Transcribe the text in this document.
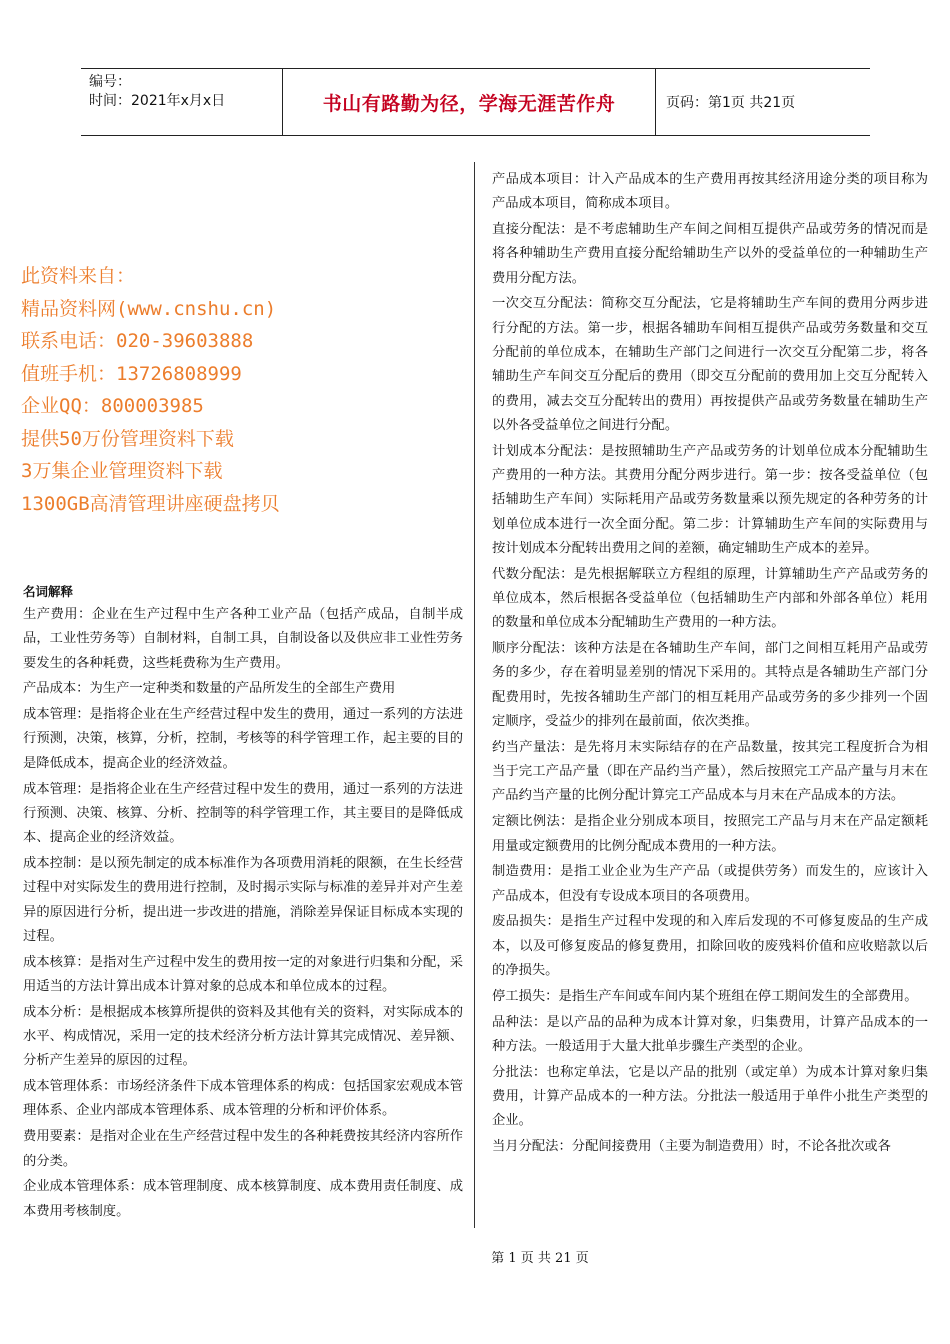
编号：
时间：2021年x月x日	书山有路勤为径，学海无涯苦作舟	页码：第1页 共21页
此资料来自：
精品资料网(www.cnshu.cn)
联系电话：020-39603888
值班手机：13726808999
企业QQ：800003985
提供50万份管理资料下载
3万集企业管理资料下载
1300GB高清管理讲座硬盘拷贝
名词解释
生产费用：企业在生产过程中生产各种工业产品（包括产成品，自制半成品，工业性劳务等）自制材料，自制工具，自制设备以及供应非工业性劳务要发生的各种耗费，这些耗费称为生产费用。
产品成本：为生产一定种类和数量的产品所发生的全部生产费用
成本管理：是指将企业在生产经营过程中发生的费用，通过一系列的方法进行预测，决策，核算，分析，控制，考核等的科学管理工作，起主要的目的是降低成本，提高企业的经济效益。
成本管理：是指将企业在生产经营过程中发生的费用，通过一系列的方法进行预测、决策、核算、分析、控制等的科学管理工作，其主要目的是降低成本、提高企业的经济效益。
成本控制：是以预先制定的成本标准作为各项费用消耗的限额，在生长经营过程中对实际发生的费用进行控制，及时揭示实际与标准的差异并对产生差异的原因进行分析，提出进一步改进的措施，消除差异保证目标成本实现的过程。
成本核算：是指对生产过程中发生的费用按一定的对象进行归集和分配，采用适当的方法计算出成本计算对象的总成本和单位成本的过程。
成本分析：是根据成本核算所提供的资料及其他有关的资料，对实际成本的水平、构成情况，采用一定的技术经济分析方法计算其完成情况、差异额、分析产生差异的原因的过程。
成本管理体系：市场经济条件下成本管理体系的构成：包括国家宏观成本管理体系、企业内部成本管理体系、成本管理的分析和评价体系。
费用要素：是指对企业在生产经营过程中发生的各种耗费按其经济内容所作的分类。
企业成本管理体系：成本管理制度、成本核算制度、成本费用责任制度、成本费用考核制度。
产品成本项目：计入产品成本的生产费用再按其经济用途分类的项目称为产品成本项目，简称成本项目。
直接分配法：是不考虑辅助生产车间之间相互提供产品或劳务的情况而是将各种辅助生产费用直接分配给辅助生产以外的受益单位的一种辅助生产费用分配方法。
一次交互分配法：简称交互分配法，它是将辅助生产车间的费用分两步进行分配的方法。第一步，根据各辅助车间相互提供产品或劳务数量和交互分配前的单位成本，在辅助生产部门之间进行一次交互分配第二步，将各辅助生产车间交互分配后的费用（即交互分配前的费用加上交互分配转入的费用，减去交互分配转出的费用）再按提供产品或劳务数量在辅助生产以外各受益单位之间进行分配。
计划成本分配法：是按照辅助生产产品或劳务的计划单位成本分配辅助生产费用的一种方法。其费用分配分两步进行。第一步：按各受益单位（包括辅助生产车间）实际耗用产品或劳务数量乘以预先规定的各种劳务的计划单位成本进行一次全面分配。第二步：计算辅助生产车间的实际费用与按计划成本分配转出费用之间的差额，确定辅助生产成本的差异。
代数分配法：是先根据解联立方程组的原理，计算辅助生产产品或劳务的单位成本，然后根据各受益单位（包括辅助生产内部和外部各单位）耗用的数量和单位成本分配辅助生产费用的一种方法。
顺序分配法：该种方法是在各辅助生产车间，部门之间相互耗用产品或劳务的多少，存在着明显差别的情况下采用的。其特点是各辅助生产部门分配费用时，先按各辅助生产部门的相互耗用产品或劳务的多少排列一个固定顺序，受益少的排列在最前面，依次类推。
约当产量法：是先将月末实际结存的在产品数量，按其完工程度折合为相当于完工产品产量（即在产品约当产量），然后按照完工产品产量与月末在产品约当产量的比例分配计算完工产品成本与月末在产品成本的方法。
定额比例法：是指企业分别成本项目，按照完工产品与月末在产品定额耗用量或定额费用的比例分配成本费用的一种方法。
制造费用：是指工业企业为生产产品（或提供劳务）而发生的，应该计入产品成本，但没有专设成本项目的各项费用。
废品损失：是指生产过程中发现的和入库后发现的不可修复废品的生产成本，以及可修复废品的修复费用，扣除回收的废残料价值和应收赔款以后的净损失。
停工损失：是指生产车间或车间内某个班组在停工期间发生的全部费用。
品种法：是以产品的品种为成本计算对象，归集费用，计算产品成本的一种方法。一般适用于大量大批单步骤生产类型的企业。
分批法：也称定单法，它是以产品的批别（或定单）为成本计算对象归集费用，计算产品成本的一种方法。分批法一般适用于单件小批生产类型的企业。
当月分配法：分配间接费用（主要为制造费用）时，不论各批次或各
第 1 页 共 21 页
